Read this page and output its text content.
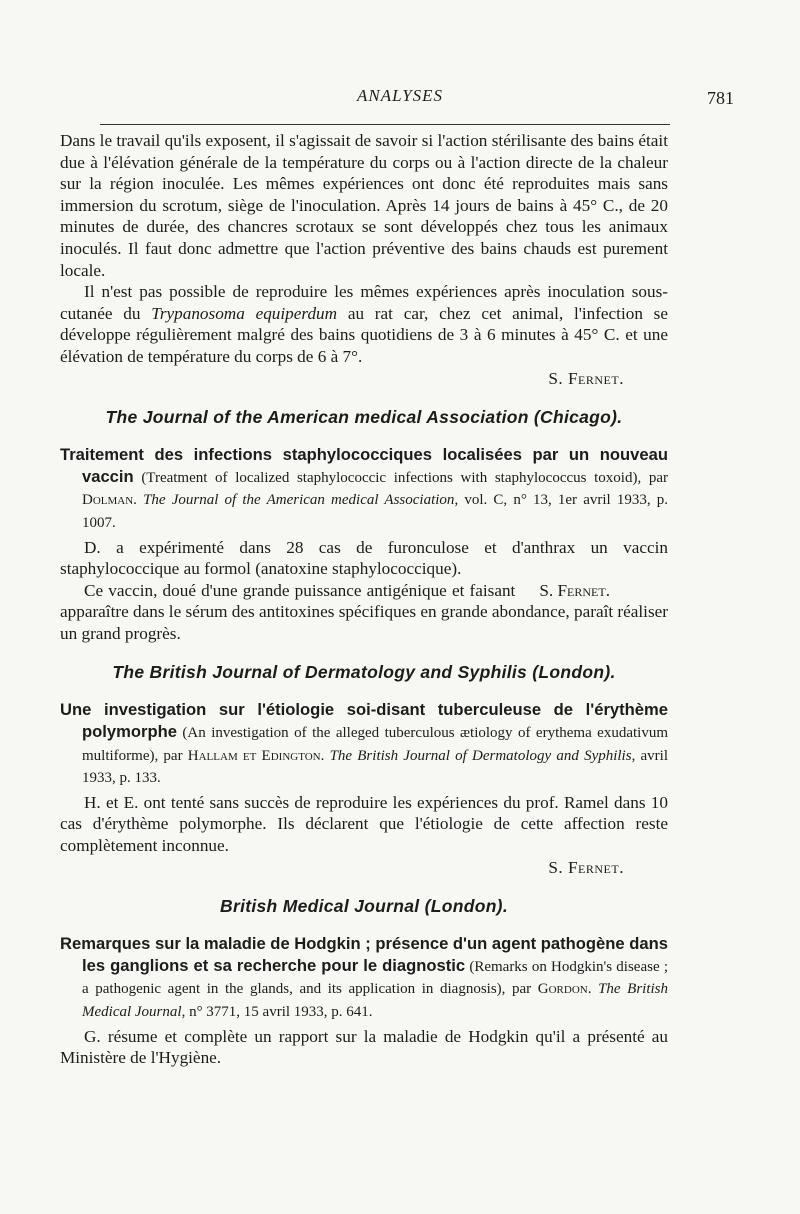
ANALYSES	781

Dans le travail qu'ils exposent, il s'agissait de savoir si l'action stérilisante des bains était due à l'élévation générale de la température du corps ou à l'action directe de la chaleur sur la région inoculée. Les mêmes expériences ont donc été reproduites mais sans immersion du scrotum, siège de l'inoculation. Après 14 jours de bains à 45° C., de 20 minutes de durée, des chancres scrotaux se sont développés chez tous les animaux inoculés. Il faut donc admettre que l'action préventive des bains chauds est purement locale.

Il n'est pas possible de reproduire les mêmes expériences après inoculation sous-cutanée du Trypanosoma equiperdum au rat car, chez cet animal, l'infection se développe régulièrement malgré des bains quotidiens de 3 à 6 minutes à 45° C. et une élévation de température du corps de 6 à 7°.

S. Fernet.

The Journal of the American medical Association (Chicago).

Traitement des infections staphylococciques localisées par un nouveau vaccin (Treatment of localized staphylococcic infections with staphylococcus toxoid), par Dolman. The Journal of the American medical Association, vol. C, n° 13, 1er avril 1933, p. 1007.

D. a expérimenté dans 28 cas de furonculose et d'anthrax un vaccin staphylococcique au formol (anatoxine staphylococcique).

S. Fernet.
Ce vaccin, doué d'une grande puissance antigénique et faisant apparaître dans le sérum des antitoxines spécifiques en grande abondance, paraît réaliser un grand progrès.

The British Journal of Dermatology and Syphilis (London).

Une investigation sur l'étiologie soi-disant tuberculeuse de l'érythème polymorphe (An investigation of the alleged tuberculous ætiology of erythema exudativum multiforme), par Hallam et Edington. The British Journal of Dermatology and Syphilis, avril 1933, p. 133.

H. et E. ont tenté sans succès de reproduire les expériences du prof. Ramel dans 10 cas d'érythème polymorphe. Ils déclarent que l'étiologie de cette affection reste complètement inconnue.

S. Fernet.

British Medical Journal (London).

Remarques sur la maladie de Hodgkin ; présence d'un agent pathogène dans les ganglions et sa recherche pour le diagnostic (Remarks on Hodgkin's disease ; a pathogenic agent in the glands, and its application in diagnosis), par Gordon. The British Medical Journal, n° 3771, 15 avril 1933, p. 641.

G. résume et complète un rapport sur la maladie de Hodgkin qu'il a présenté au Ministère de l'Hygiène.
